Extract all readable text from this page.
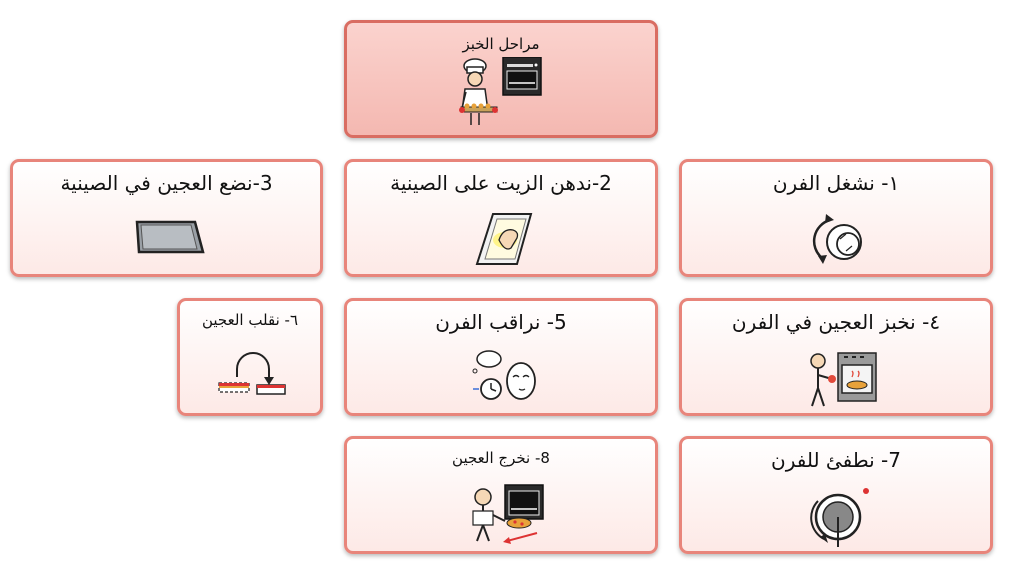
مراحل الخبز
١- نشغل الفرن
2-ندهن الزيت على الصينية
3-نضع العجين في الصينية
٤- نخبز العجين في الفرن
5- نراقب الفرن
٦- نقلب العجين
7- نطفئ للفرن
8- نخرج العجين
